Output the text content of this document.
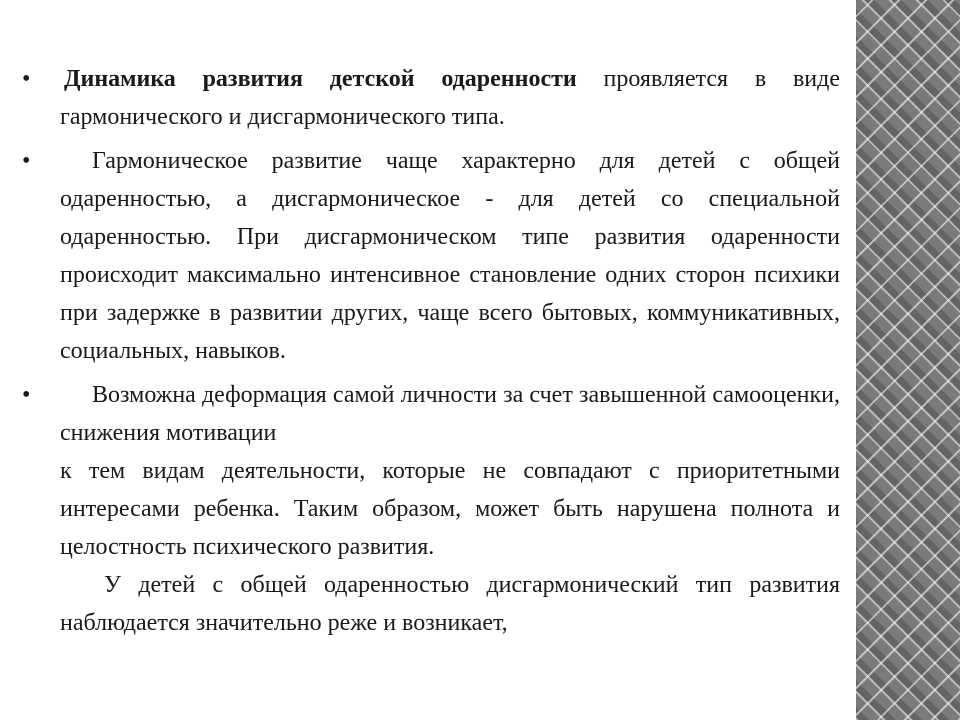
•	Динамика развития детской одаренности проявляется в виде гармонического и дисгармонического типа.

•	Гармоническое развитие чаще характерно для детей с общей одаренностью, а дисгармоническое - для детей со специальной одаренностью. При дисгармоническом типе развития одаренности происходит максимально интенсивное становление одних сторон психики при задержке в развитии других, чаще всего бытовых, коммуникативных, социальных, навыков.

•	Возможна деформация самой личности за счет завышенной самооценки, снижения мотивации
к тем видам деятельности, которые не совпадают с приоритетными интересами ребенка. Таким образом, может быть нарушена полнота и целостность психического развития.

У детей с общей одаренностью дисгармонический тип развития наблюдается значительно реже и возникает,
